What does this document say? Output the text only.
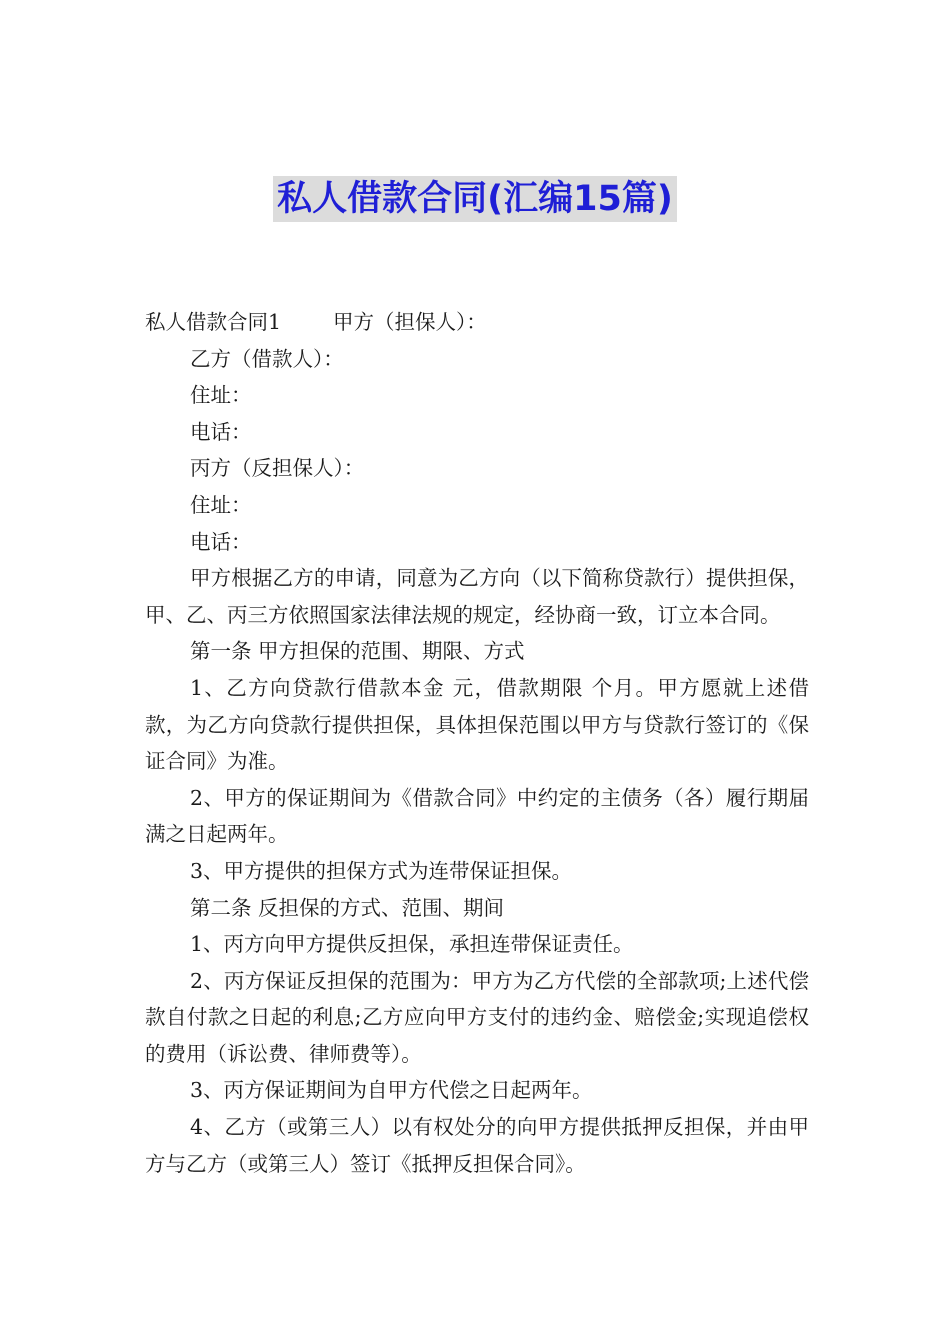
私人借款合同(汇编15篇)

私人借款合同1	甲方（担保人）：

乙方（借款人）：

住址：

电话：

丙方（反担保人）：

住址：

电话：

甲方根据乙方的申请，同意为乙方向（以下简称贷款行）提供担保，甲、乙、丙三方依照国家法律法规的规定，经协商一致，订立本合同。

第一条 甲方担保的范围、期限、方式

1、乙方向贷款行借款本金 元，借款期限 个月。甲方愿就上述借款，为乙方向贷款行提供担保，具体担保范围以甲方与贷款行签订的《保证合同》为准。

2、甲方的保证期间为《借款合同》中约定的主债务（各）履行期届满之日起两年。

3、甲方提供的担保方式为连带保证担保。

第二条 反担保的方式、范围、期间

1、丙方向甲方提供反担保，承担连带保证责任。

2、丙方保证反担保的范围为：甲方为乙方代偿的全部款项;上述代偿款自付款之日起的利息;乙方应向甲方支付的违约金、赔偿金;实现追偿权的费用（诉讼费、律师费等）。

3、丙方保证期间为自甲方代偿之日起两年。

4、乙方（或第三人）以有权处分的向甲方提供抵押反担保，并由甲方与乙方（或第三人）签订《抵押反担保合同》。
